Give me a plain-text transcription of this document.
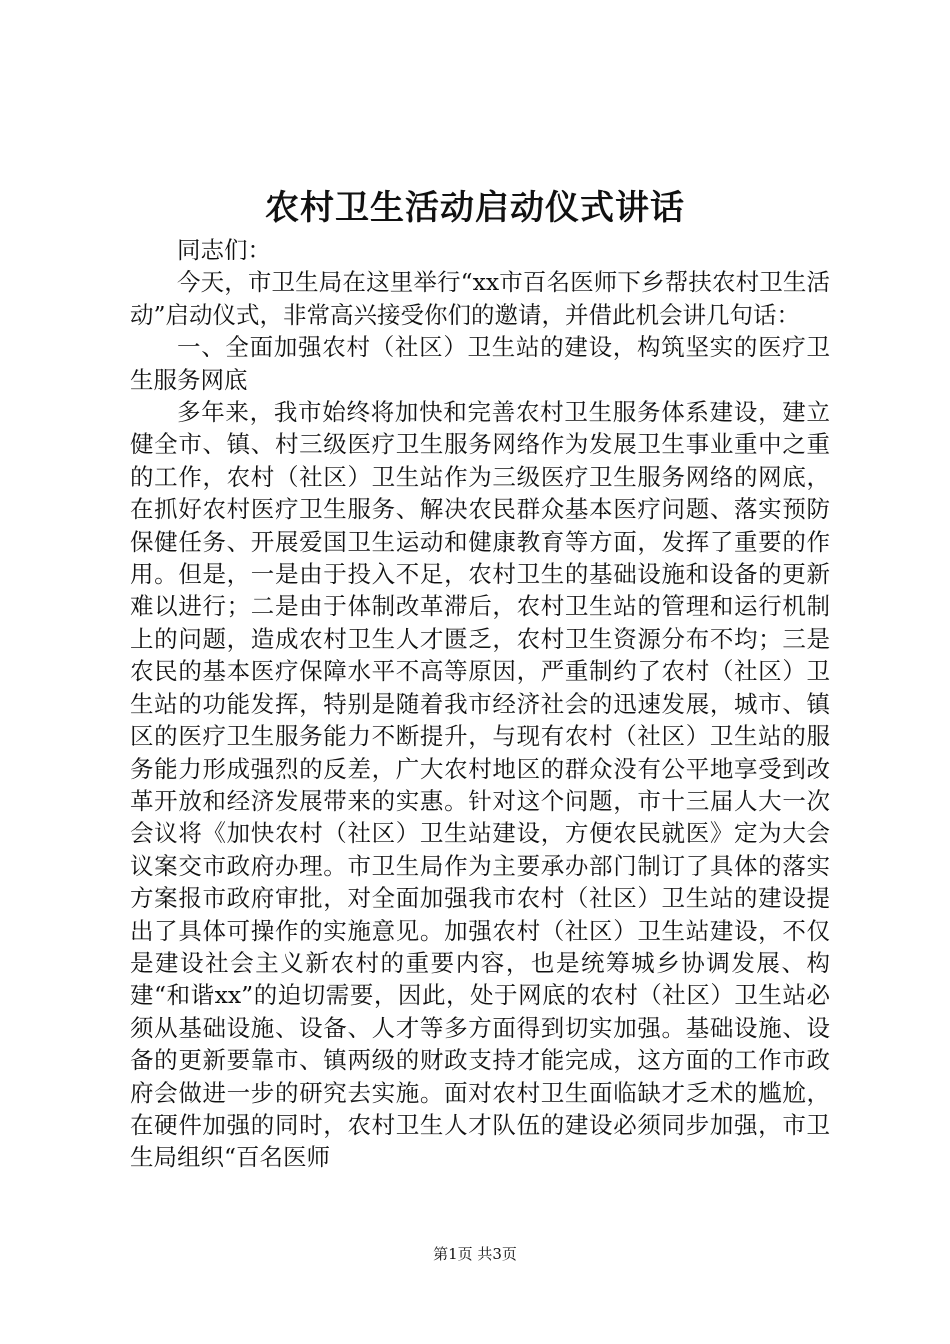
农村卫生活动启动仪式讲话

同志们：

今天，市卫生局在这里举行“xx市百名医师下乡帮扶农村卫生活动”启动仪式，非常高兴接受你们的邀请，并借此机会讲几句话：

一、全面加强农村（社区）卫生站的建设，构筑坚实的医疗卫生服务网底

多年来，我市始终将加快和完善农村卫生服务体系建设，建立健全市、镇、村三级医疗卫生服务网络作为发展卫生事业重中之重的工作，农村（社区）卫生站作为三级医疗卫生服务网络的网底，在抓好农村医疗卫生服务、解决农民群众基本医疗问题、落实预防保健任务、开展爱国卫生运动和健康教育等方面，发挥了重要的作用。但是，一是由于投入不足，农村卫生的基础设施和设备的更新难以进行；二是由于体制改革滞后，农村卫生站的管理和运行机制上的问题，造成农村卫生人才匮乏，农村卫生资源分布不均；三是农民的基本医疗保障水平不高等原因，严重制约了农村（社区）卫生站的功能发挥，特别是随着我市经济社会的迅速发展，城市、镇区的医疗卫生服务能力不断提升，与现有农村（社区）卫生站的服务能力形成强烈的反差，广大农村地区的群众没有公平地享受到改革开放和经济发展带来的实惠。针对这个问题，市十三届人大一次会议将《加快农村（社区）卫生站建设，方便农民就医》定为大会议案交市政府办理。市卫生局作为主要承办部门制订了具体的落实方案报市政府审批，对全面加强我市农村（社区）卫生站的建设提出了具体可操作的实施意见。加强农村（社区）卫生站建设，不仅是建设社会主义新农村的重要内容，也是统筹城乡协调发展、构建“和谐xx”的迫切需要，因此，处于网底的农村（社区）卫生站必须从基础设施、设备、人才等多方面得到切实加强。基础设施、设备的更新要靠市、镇两级的财政支持才能完成，这方面的工作市政府会做进一步的研究去实施。面对农村卫生面临缺才乏术的尴尬，在硬件加强的同时，农村卫生人才队伍的建设必须同步加强，市卫生局组织“百名医师

第1页 共3页
